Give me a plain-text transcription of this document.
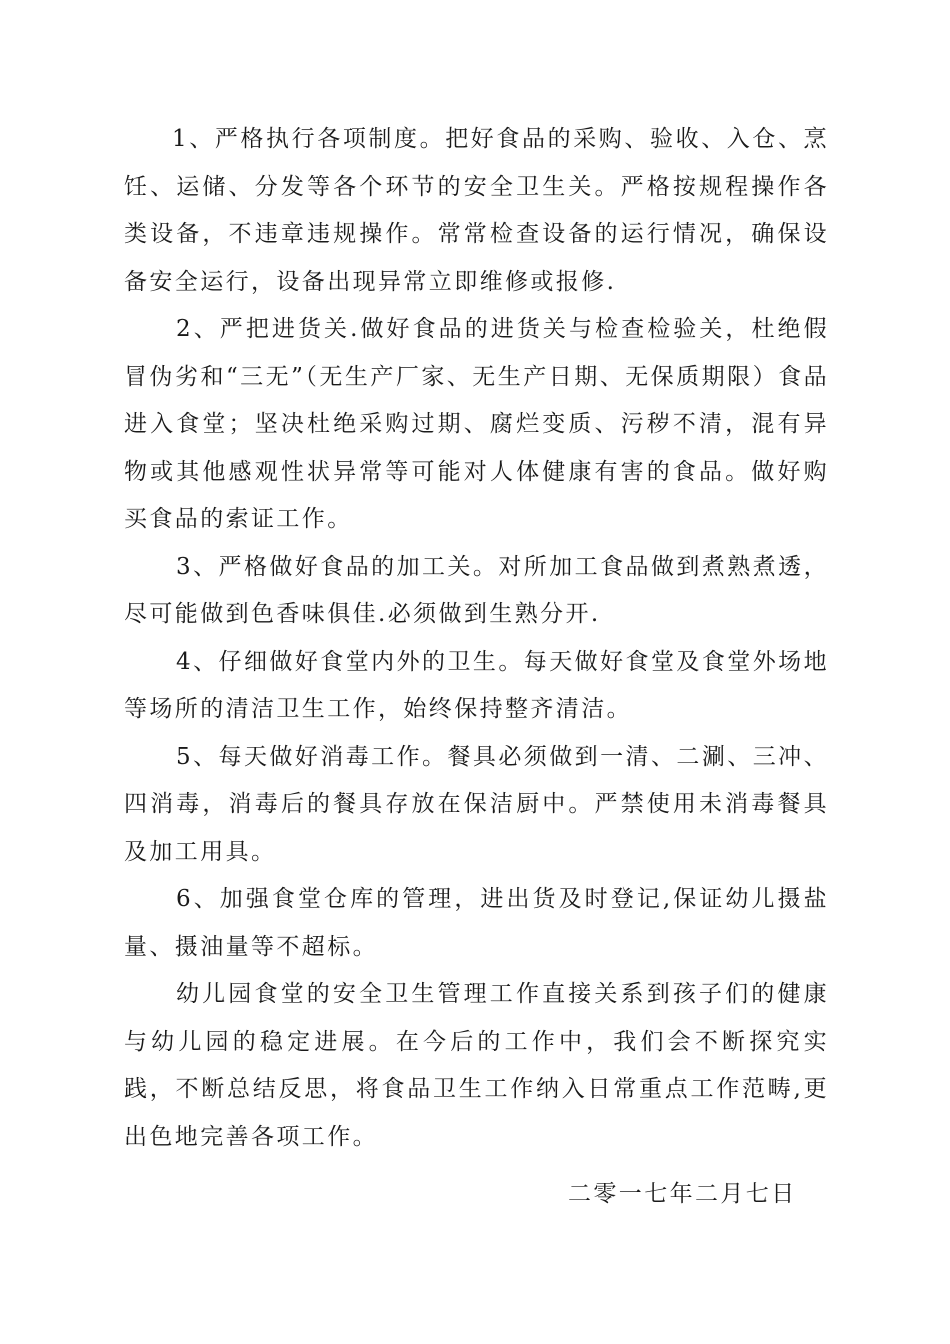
1、严格执行各项制度。把好食品的采购、验收、入仓、烹饪、运储、分发等各个环节的安全卫生关。严格按规程操作各类设备，不违章违规操作。常常检查设备的运行情况，确保设备安全运行，设备出现异常立即维修或报修.

2、严把进货关.做好食品的进货关与检查检验关，杜绝假冒伪劣和“三无”（无生产厂家、无生产日期、无保质期限）食品进入食堂；坚决杜绝采购过期、腐烂变质、污秽不清，混有异物或其他感观性状异常等可能对人体健康有害的食品。做好购买食品的索证工作。

3、严格做好食品的加工关。对所加工食品做到煮熟煮透，尽可能做到色香味俱佳.必须做到生熟分开.

4、仔细做好食堂内外的卫生。每天做好食堂及食堂外场地等场所的清洁卫生工作，始终保持整齐清洁。

5、每天做好消毒工作。餐具必须做到一清、二涮、三冲、四消毒，消毒后的餐具存放在保洁厨中。严禁使用未消毒餐具及加工用具。

6、加强食堂仓库的管理，进出货及时登记,保证幼儿摄盐量、摄油量等不超标。

幼儿园食堂的安全卫生管理工作直接关系到孩子们的健康与幼儿园的稳定进展。在今后的工作中，我们会不断探究实践，不断总结反思，将食品卫生工作纳入日常重点工作范畴,更出色地完善各项工作。

二零一七年二月七日
